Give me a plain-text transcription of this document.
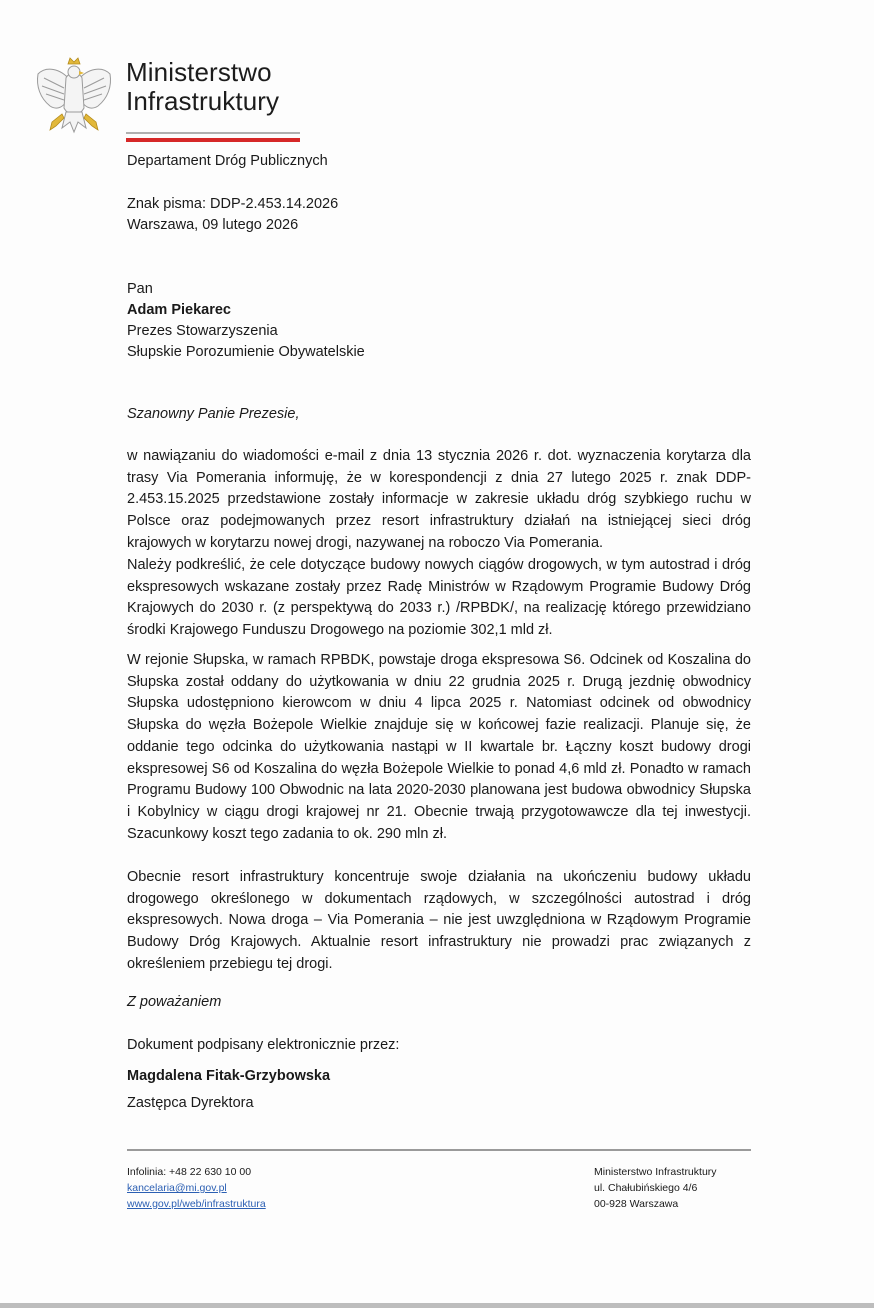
Ministerstwo
Infrastruktury
Departament Dróg Publicznych
Znak pisma: DDP-2.453.14.2026
Warszawa, 09 lutego 2026
Pan
Adam Piekarec
Prezes Stowarzyszenia
Słupskie Porozumienie Obywatelskie
Szanowny Panie Prezesie,
w nawiązaniu do wiadomości e-mail z dnia 13 stycznia 2026 r. dot. wyznaczenia korytarza dla trasy Via Pomerania informuję, że w korespondencji z dnia 27 lutego 2025 r. znak DDP-2.453.15.2025 przedstawione zostały informacje w zakresie układu dróg szybkiego ruchu w Polsce oraz podejmowanych przez resort infrastruktury działań na istniejącej sieci dróg krajowych w korytarzu nowej drogi, nazywanej na roboczo Via Pomerania.
Należy podkreślić, że cele dotyczące budowy nowych ciągów drogowych, w tym autostrad i dróg ekspresowych wskazane zostały przez Radę Ministrów w Rządowym Programie Budowy Dróg Krajowych do 2030 r. (z perspektywą do 2033 r.) /RPBDK/, na realizację którego przewidziano środki Krajowego Funduszu Drogowego na poziomie 302,1 mld zł.
W rejonie Słupska, w ramach RPBDK, powstaje droga ekspresowa S6. Odcinek od Koszalina do Słupska został oddany do użytkowania w dniu 22 grudnia 2025 r. Drugą jezdnię obwodnicy Słupska udostępniono kierowcom w dniu 4 lipca 2025 r. Natomiast odcinek od obwodnicy Słupska do węzła Bożepole Wielkie znajduje się w końcowej fazie realizacji. Planuje się, że oddanie tego odcinka do użytkowania nastąpi w II kwartale br. Łączny koszt budowy drogi ekspresowej S6 od Koszalina do węzła Bożepole Wielkie to ponad 4,6 mld zł. Ponadto w ramach Programu Budowy 100 Obwodnic na lata 2020-2030 planowana jest budowa obwodnicy Słupska i Kobylnicy w ciągu drogi krajowej nr 21. Obecnie trwają przygotowawcze dla tej inwestycji. Szacunkowy koszt tego zadania to ok. 290 mln zł.
Obecnie resort infrastruktury koncentruje swoje działania na ukończeniu budowy układu drogowego określonego w dokumentach rządowych, w szczególności autostrad i dróg ekspresowych. Nowa droga – Via Pomerania – nie jest uwzględniona w Rządowym Programie Budowy Dróg Krajowych. Aktualnie resort infrastruktury nie prowadzi prac związanych z określeniem przebiegu tej drogi.
Z poważaniem
Dokument podpisany elektronicznie przez:
Magdalena Fitak-Grzybowska
Zastępca Dyrektora
Infolinia: +48 22 630 10 00
kancelaria@mi.gov.pl
www.gov.pl/web/infrastruktura
Ministerstwo Infrastruktury
ul. Chałubińskiego 4/6
00-928 Warszawa
